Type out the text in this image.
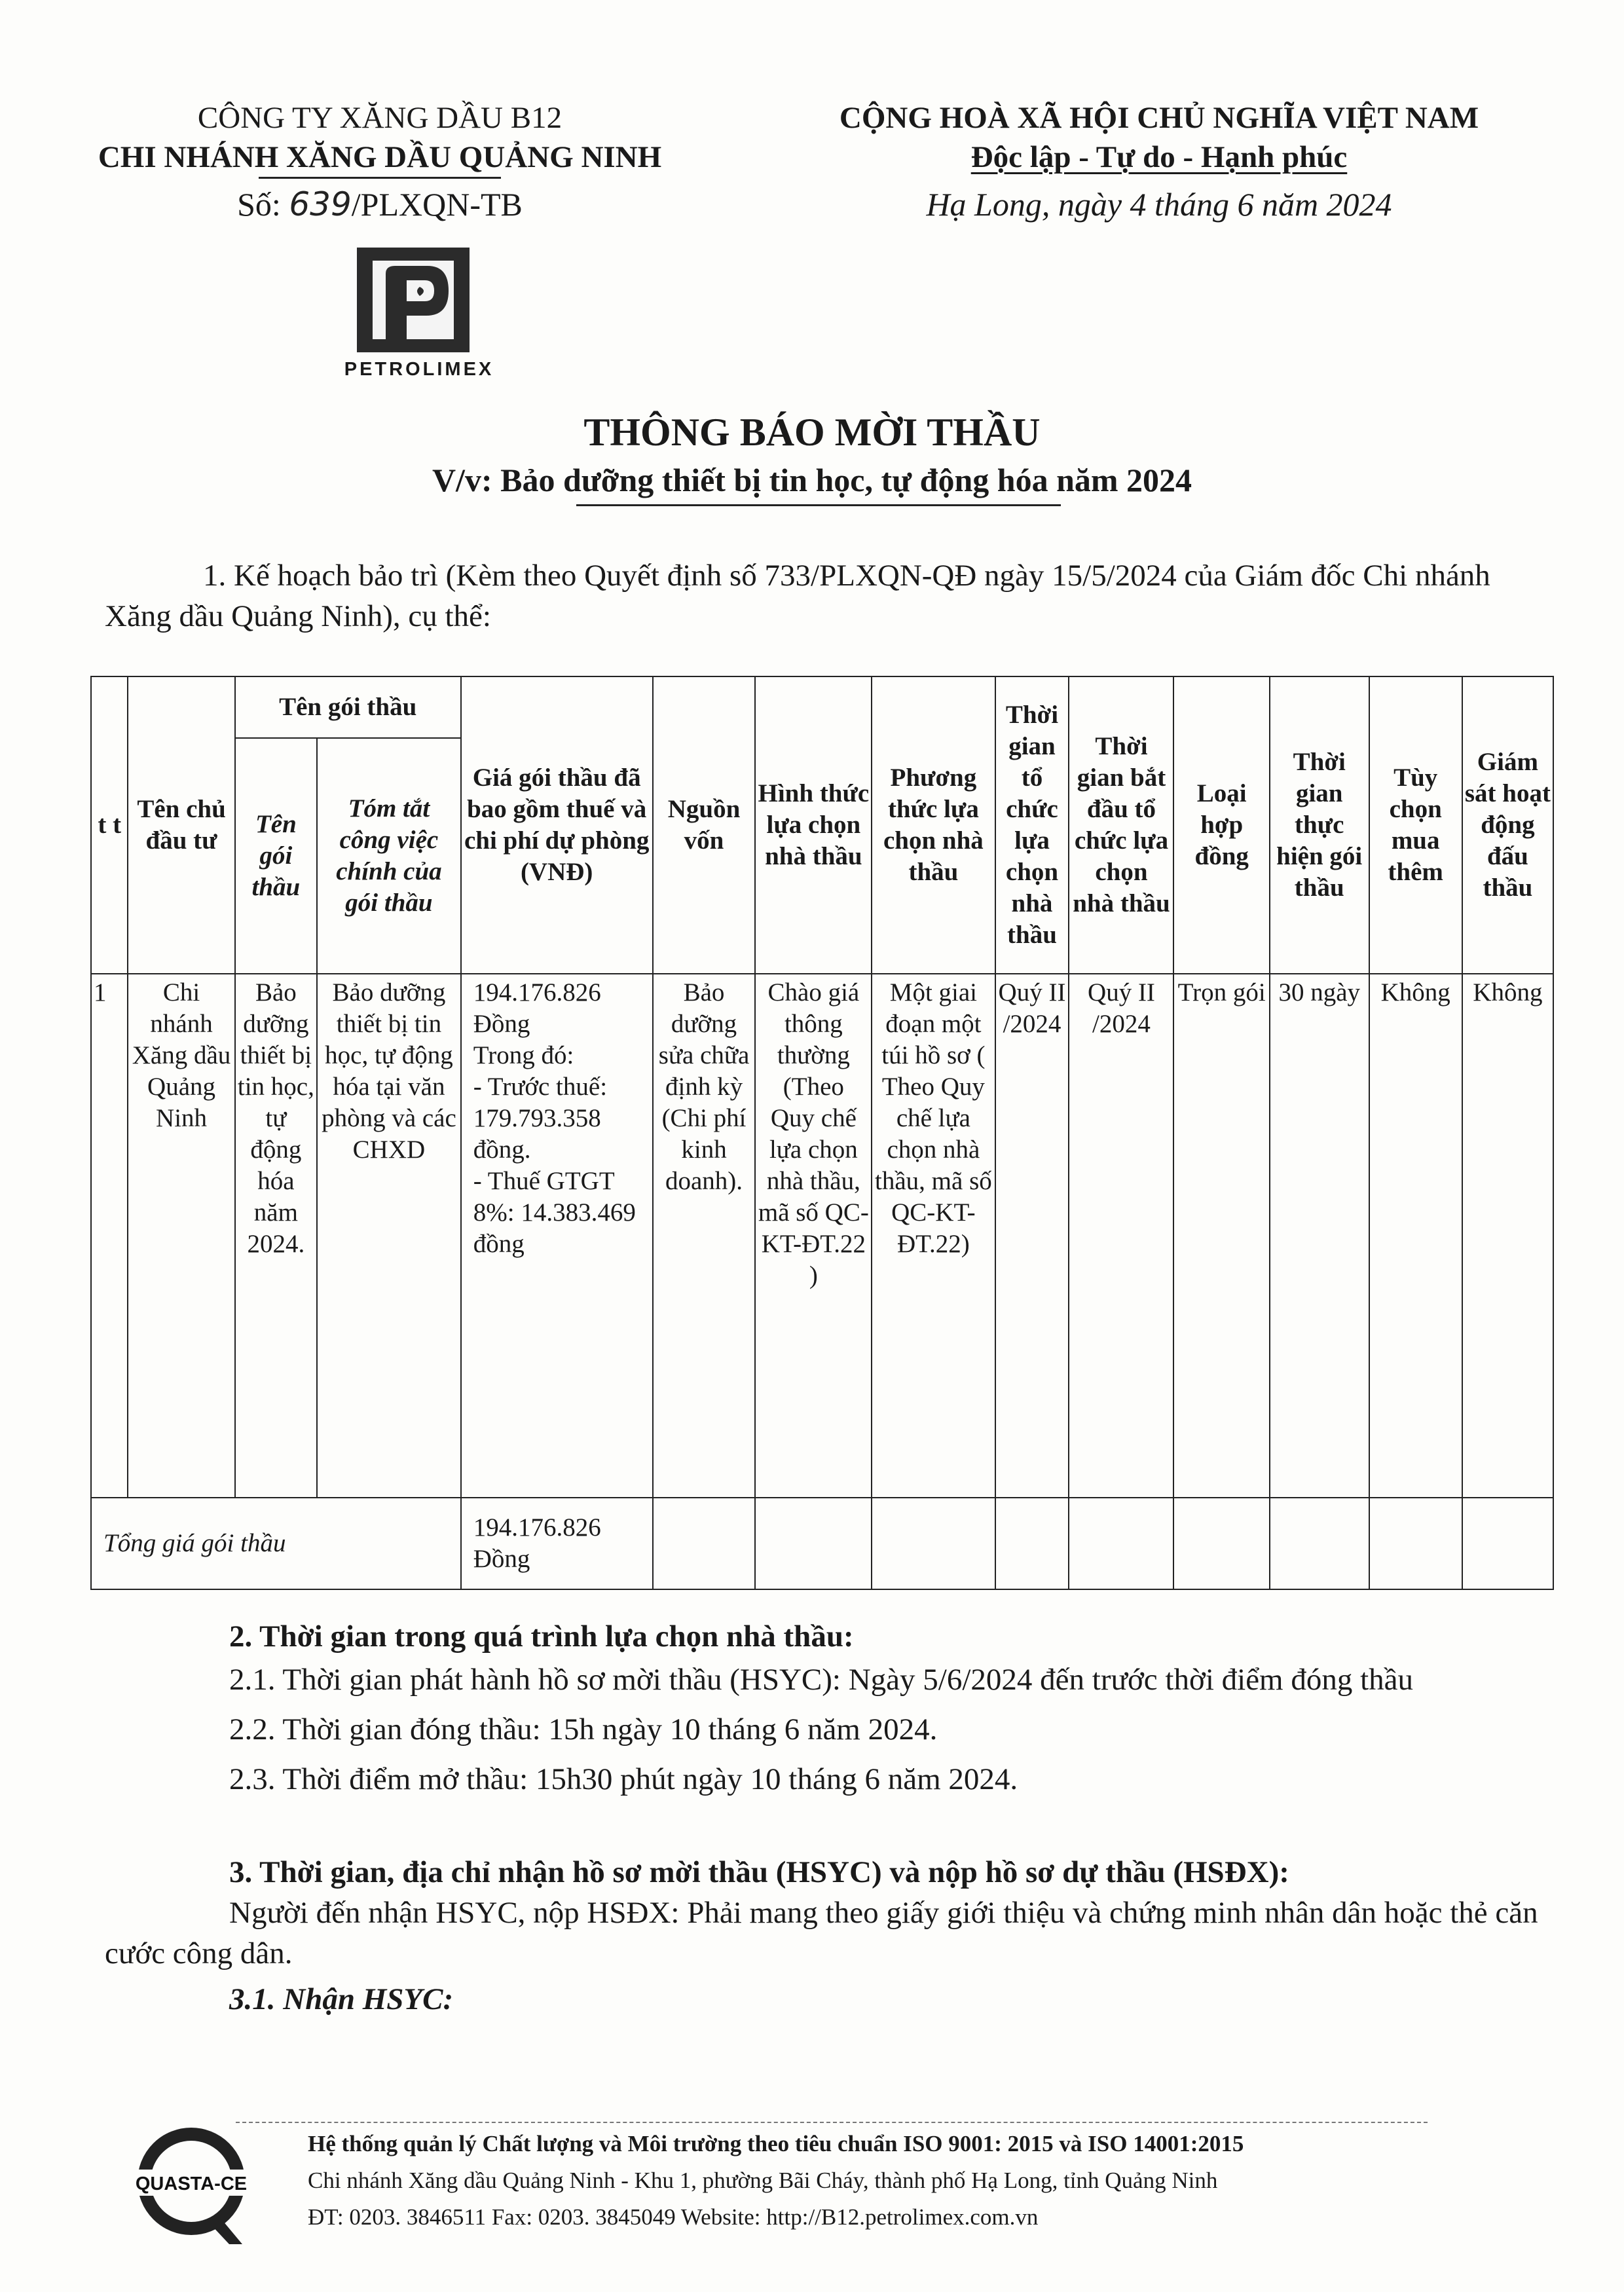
CÔNG TY XĂNG DẦU B12
CHI NHÁNH XĂNG DẦU QUẢNG NINH
Số: 639/PLXQN-TB
CỘNG HOÀ XÃ HỘI CHỦ NGHĨA VIỆT NAM
Độc lập - Tự do - Hạnh phúc
Hạ Long, ngày 4 tháng 6 năm 2024
PETROLIMEX
THÔNG BÁO MỜI THẦU
V/v: Bảo dưỡng thiết bị tin học, tự động hóa năm 2024
1. Kế hoạch bảo trì (Kèm theo Quyết định số 733/PLXQN-QĐ ngày 15/5/2024 của Giám đốc Chi nhánh Xăng dầu Quảng Ninh), cụ thể:
t t	Tên chủ đầu tư	Tên gói thầu		Giá gói thầu đã bao gồm thuế và chi phí dự phòng (VNĐ)	Nguồn vốn	Hình thức lựa chọn nhà thầu	Phương thức lựa chọn nhà thầu	Thời gian tổ chức lựa chọn nhà thầu	Thời gian bắt đầu tổ chức lựa chọn nhà thầu	Loại hợp đồng	Thời gian thực hiện gói thầu	Tùy chọn mua thêm	Giám sát hoạt động đấu thầu
		Tên gói thầu	Tóm tắt công việc chính của gói thầu										
1	Chi nhánh Xăng dầu Quảng Ninh	Bảo dưỡng thiết bị tin học, tự động hóa năm 2024.	Bảo dưỡng thiết bị tin học, tự động hóa tại văn phòng và các CHXD	194.176.826 Đồng
Trong đó:
- Trước thuế: 179.793.358 đồng.
- Thuế GTGT 8%: 14.383.469 đồng	Bảo dưỡng sửa chữa định kỳ (Chi phí kinh doanh).	Chào giá thông thường (Theo Quy chế lựa chọn nhà thầu, mã số QC-KT-ĐT.22 )	Một giai đoạn một túi hồ sơ ( Theo Quy chế lựa chọn nhà thầu, mã số QC-KT-ĐT.22)	Quý II /2024	Quý II /2024	Trọn gói	30 ngày	Không	Không
Tổng giá gói thầu				194.176.826 Đồng									

2. Thời gian trong quá trình lựa chọn nhà thầu:

2.1. Thời gian phát hành hồ sơ mời thầu (HSYC): Ngày 5/6/2024 đến trước thời điểm đóng thầu

2.2. Thời gian đóng thầu: 15h ngày 10 tháng 6 năm 2024.

2.3. Thời điểm mở thầu: 15h30 phút ngày 10 tháng 6 năm 2024.

3. Thời gian, địa chỉ nhận hồ sơ mời thầu (HSYC) và nộp hồ sơ dự thầu (HSĐX):

Người đến nhận HSYC, nộp HSĐX: Phải mang theo giấy giới thiệu và chứng minh nhân dân hoặc thẻ căn cước công dân.

3.1. Nhận HSYC:

QUASTA-CE
Hệ thống quản lý Chất lượng và Môi trường theo tiêu chuẩn ISO 9001: 2015 và ISO 14001:2015
Chi nhánh Xăng dầu Quảng Ninh - Khu 1, phường Bãi Cháy, thành phố Hạ Long, tỉnh Quảng Ninh
ĐT: 0203. 3846511 Fax: 0203. 3845049 Website: http://B12.petrolimex.com.vn
